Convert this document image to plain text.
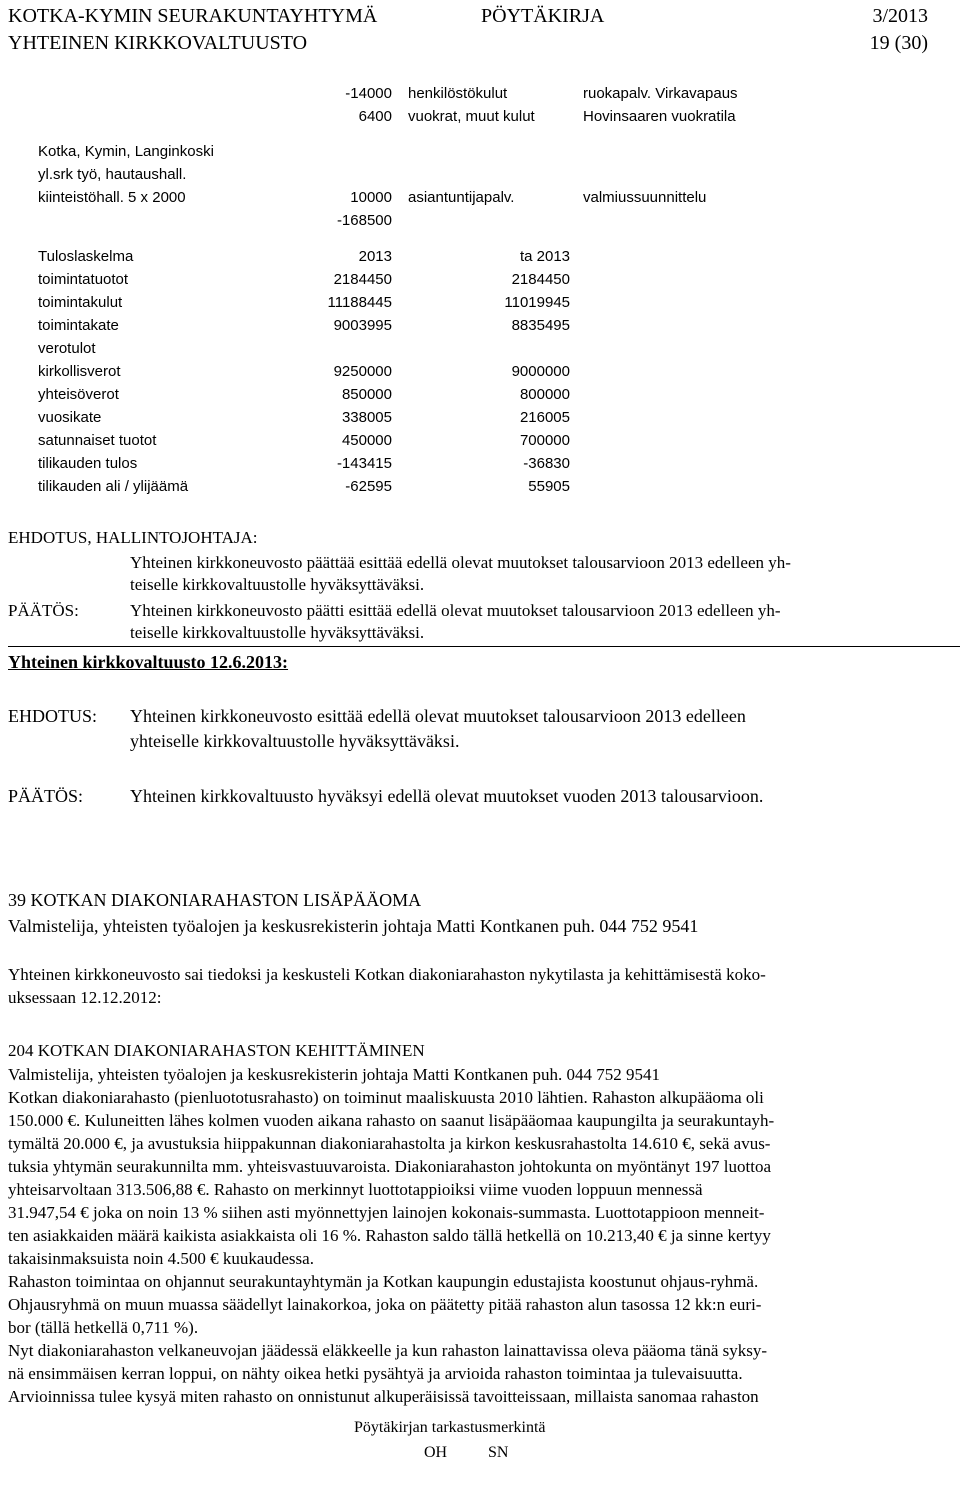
KOTKA-KYMIN SEURAKUNTAYHTYMÄ	PÖYTÄKIRJA	3/2013
YHTEINEN KIRKKOVALTUUSTO	19 (30)
-14000 henkilöstökulut	ruokapalv. Virkavapaus
6400 vuokrat, muut kulut	Hovinsaaren vuokratila
Kotka, Kymin, Langinkoski
yl.srk työ, hautaushall.
kiinteistöhall. 5 x 2000	10000 asiantuntijapalv.	valmiussuunnittelu
-168500
Tuloslaskelma	2013	ta 2013
toimintatuotot	2184450	2184450
toimintakulut	11188445	11019945
toimintakate	9003995	8835495
verotulot
kirkollisverot	9250000	9000000
yhteisöverot	850000	800000
vuosikate	338005	216005
satunnaiset tuotot	450000	700000
tilikauden tulos	-143415	-36830
tilikauden ali / ylijäämä	-62595	55905
EHDOTUS, HALLINTOJOHTAJA:
Yhteinen kirkkoneuvosto päättää esittää edellä olevat muutokset talousarvioon 2013 edelleen yh-
teiselle kirkkovaltuustolle hyväksyttäväksi.
PÄÄTÖS:	Yhteinen kirkkoneuvosto päätti esittää edellä olevat muutokset talousarvioon 2013 edelleen yh-
teiselle kirkkovaltuustolle hyväksyttäväksi.
Yhteinen kirkkovaltuusto 12.6.2013:
EHDOTUS: Yhteinen kirkkoneuvosto esittää edellä olevat muutokset talousarvioon 2013 edelleen
yhteiselle kirkkovaltuustolle hyväksyttäväksi.
PÄÄTÖS:	Yhteinen kirkkovaltuusto hyväksyi edellä olevat muutokset vuoden 2013 talousarvioon.
39 KOTKAN DIAKONIARAHASTON LISÄPÄÄOMA
Valmistelija, yhteisten työalojen ja keskusrekisterin johtaja Matti Kontkanen puh. 044 752 9541
Yhteinen kirkkoneuvosto sai tiedoksi ja keskusteli Kotkan diakoniarahaston nykytilasta ja kehittämisestä koko-
uksessaan 12.12.2012:
204 KOTKAN DIAKONIARAHASTON KEHITTÄMINEN
Valmistelija, yhteisten työalojen ja keskusrekisterin johtaja Matti Kontkanen puh. 044 752 9541
Kotkan diakoniarahasto (pienluototusrahasto) on toiminut maaliskuusta 2010 lähtien. Rahaston alkupääoma oli
150.000 €. Kuluneitten lähes kolmen vuoden aikana rahasto on saanut lisäpääomaa kaupungilta ja seurakuntayh-
tymältä 20.000 €, ja avustuksia hiippakunnan diakoniarahastolta ja kirkon keskusrahastolta 14.610 €, sekä avus-
tuksia yhtymän seurakunnilta mm. yhteisvastuuvaroista. Diakoniarahaston johtokunta on myöntänyt 197 luottoa
yhteisarvoltaan 313.506,88 €. Rahasto on merkinnyt luottotappioiksi viime vuoden loppuun mennessä
31.947,54 € joka on noin 13 % siihen asti myönnettyjen lainojen kokonais-summasta. Luottotappioon menneit-
ten asiakkaiden määrä kaikista asiakkaista oli 16 %. Rahaston saldo tällä hetkellä on 10.213,40 € ja sinne kertyy
takaisinmaksuista noin 4.500 € kuukaudessa.
Rahaston toimintaa on ohjannut seurakuntayhtymän ja Kotkan kaupungin edustajista koostunut ohjaus-ryhmä.
Ohjausryhmä on muun muassa säädellyt lainakorkoa, joka on päätetty pitää rahaston alun tasossa 12 kk:n euri-
bor (tällä hetkellä 0,711 %).
Nyt diakoniarahaston velkaneuvojan jäädessä eläkkeelle ja kun rahaston lainattavissa oleva pääoma tänä syksy-
nä ensimmäisen kerran loppui, on nähty oikea hetki pysähtyä ja arvioida rahaston toimintaa ja tulevaisuutta.
Arvioinnissa tulee kysyä miten rahasto on onnistunut alkuperäisissä tavoitteissaan, millaista sanomaa rahaston
Pöytäkirjan tarkastusmerkintä
OH	SN
